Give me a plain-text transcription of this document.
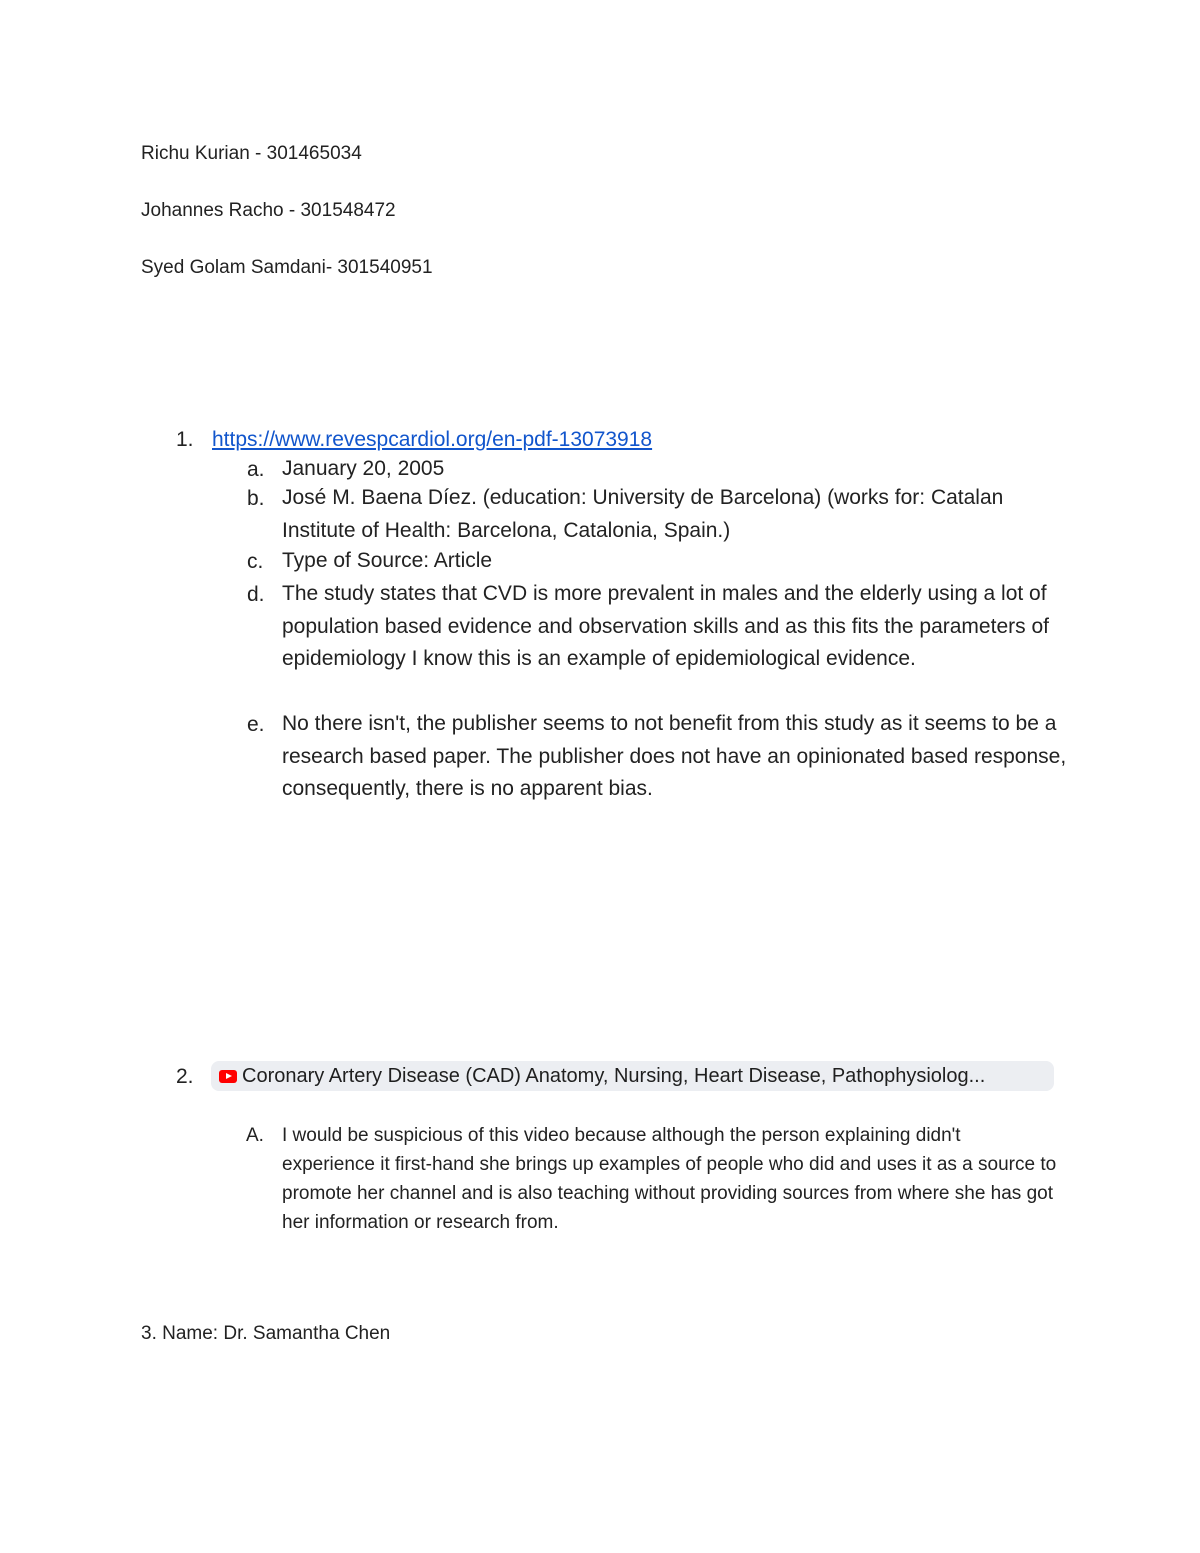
Richu Kurian - 301465034
Johannes Racho - 301548472
Syed Golam Samdani- 301540951
1. https://www.revespcardiol.org/en-pdf-13073918
a. January 20, 2005
b. José M. Baena Díez. (education: University de Barcelona) (works for: Catalan Institute of Health: Barcelona, Catalonia, Spain.)
c. Type of Source: Article
d. The study states that CVD is more prevalent in males and the elderly using a lot of population based evidence and observation skills and as this fits the parameters of epidemiology I know this is an example of epidemiological evidence.
e. No there isn't, the publisher seems to not benefit from this study as it seems to be a research based paper. The publisher does not have an opinionated based response, consequently, there is no apparent bias.
2. Coronary Artery Disease (CAD) Anatomy, Nursing, Heart Disease, Pathophysiolog...
A. I would be suspicious of this video because although the person explaining didn't experience it first-hand she brings up examples of people who did and uses it as a source to promote her channel and is also teaching without providing sources from where she has got her information or research from.
3. Name: Dr. Samantha Chen
